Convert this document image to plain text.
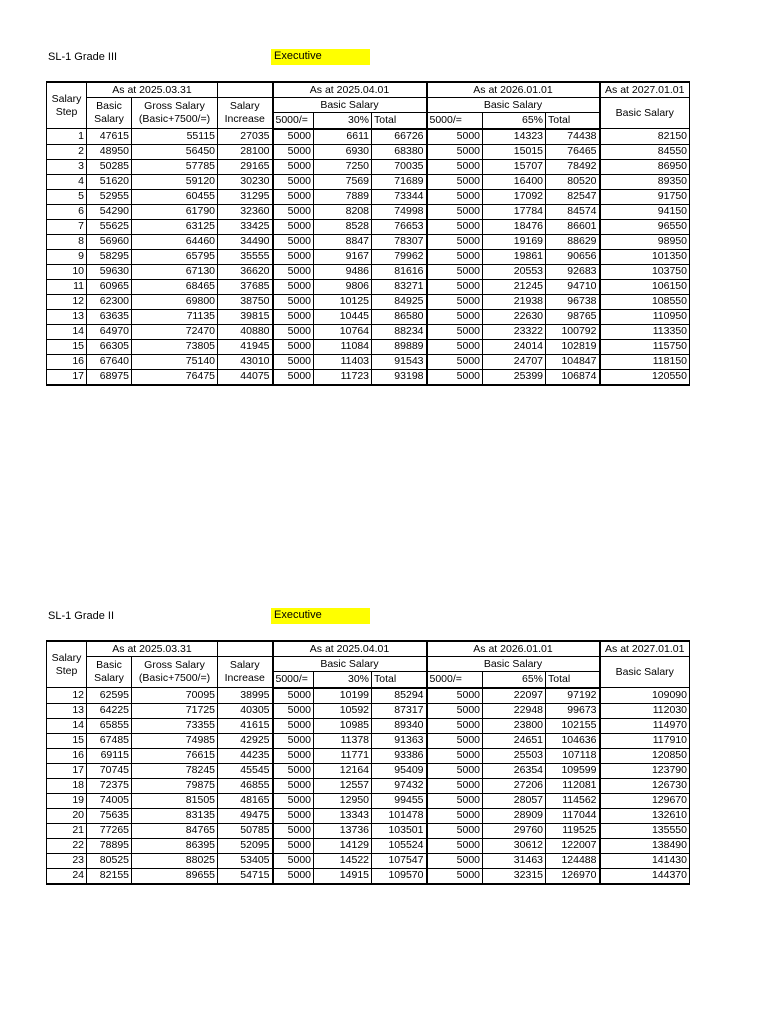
SL-1 Grade III	Executive
Salary Step	As at 2025.03.31			As at 2025.04.01			As at 2026.01.01			As at 2027.01.01
	Basic Salary	Gross Salary (Basic+7500/=)	Salary Increase	Basic Salary			Basic Salary			Basic Salary
				5000/=	30%	Total	5000/=	65%	Total	
1	47615	55115	27035	5000	6611	66726	5000	14323	74438	82150
2	48950	56450	28100	5000	6930	68380	5000	15015	76465	84550
3	50285	57785	29165	5000	7250	70035	5000	15707	78492	86950
4	51620	59120	30230	5000	7569	71689	5000	16400	80520	89350
5	52955	60455	31295	5000	7889	73344	5000	17092	82547	91750
6	54290	61790	32360	5000	8208	74998	5000	17784	84574	94150
7	55625	63125	33425	5000	8528	76653	5000	18476	86601	96550
8	56960	64460	34490	5000	8847	78307	5000	19169	88629	98950
9	58295	65795	35555	5000	9167	79962	5000	19861	90656	101350
10	59630	67130	36620	5000	9486	81616	5000	20553	92683	103750
11	60965	68465	37685	5000	9806	83271	5000	21245	94710	106150
12	62300	69800	38750	5000	10125	84925	5000	21938	96738	108550
13	63635	71135	39815	5000	10445	86580	5000	22630	98765	110950
14	64970	72470	40880	5000	10764	88234	5000	23322	100792	113350
15	66305	73805	41945	5000	11084	89889	5000	24014	102819	115750
16	67640	75140	43010	5000	11403	91543	5000	24707	104847	118150
17	68975	76475	44075	5000	11723	93198	5000	25399	106874	120550
SL-1 Grade II	Executive
Salary Step	As at 2025.03.31			As at 2025.04.01			As at 2026.01.01			As at 2027.01.01
	Basic Salary	Gross Salary (Basic+7500/=)	Salary Increase	Basic Salary			Basic Salary			Basic Salary
				5000/=	30%	Total	5000/=	65%	Total	
12	62595	70095	38995	5000	10199	85294	5000	22097	97192	109090
13	64225	71725	40305	5000	10592	87317	5000	22948	99673	112030
14	65855	73355	41615	5000	10985	89340	5000	23800	102155	114970
15	67485	74985	42925	5000	11378	91363	5000	24651	104636	117910
16	69115	76615	44235	5000	11771	93386	5000	25503	107118	120850
17	70745	78245	45545	5000	12164	95409	5000	26354	109599	123790
18	72375	79875	46855	5000	12557	97432	5000	27206	112081	126730
19	74005	81505	48165	5000	12950	99455	5000	28057	114562	129670
20	75635	83135	49475	5000	13343	101478	5000	28909	117044	132610
21	77265	84765	50785	5000	13736	103501	5000	29760	119525	135550
22	78895	86395	52095	5000	14129	105524	5000	30612	122007	138490
23	80525	88025	53405	5000	14522	107547	5000	31463	124488	141430
24	82155	89655	54715	5000	14915	109570	5000	32315	126970	144370
